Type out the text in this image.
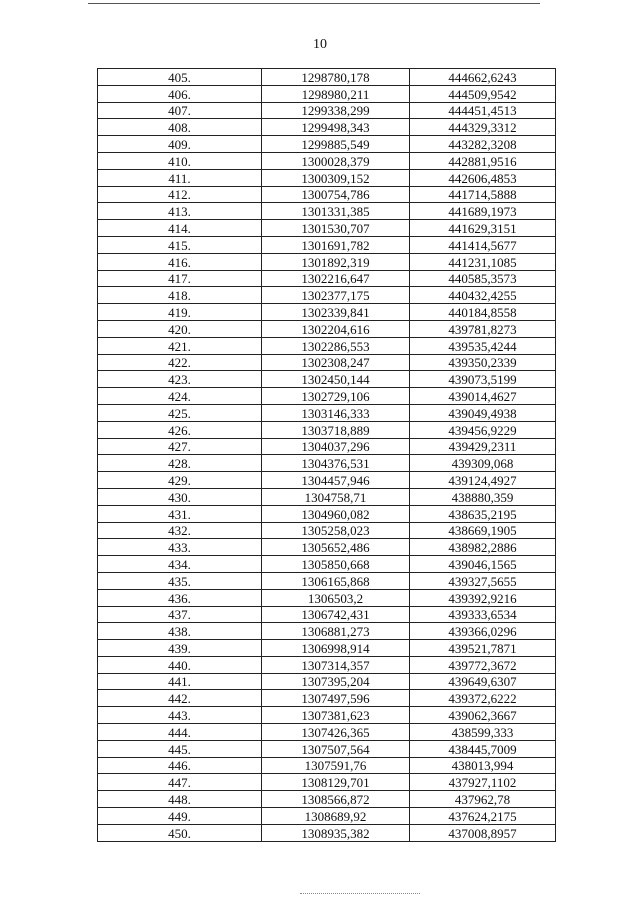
10
405.	1298780,178	444662,6243
406.	1298980,211	444509,9542
407.	1299338,299	444451,4513
408.	1299498,343	444329,3312
409.	1299885,549	443282,3208
410.	1300028,379	442881,9516
411.	1300309,152	442606,4853
412.	1300754,786	441714,5888
413.	1301331,385	441689,1973
414.	1301530,707	441629,3151
415.	1301691,782	441414,5677
416.	1301892,319	441231,1085
417.	1302216,647	440585,3573
418.	1302377,175	440432,4255
419.	1302339,841	440184,8558
420.	1302204,616	439781,8273
421.	1302286,553	439535,4244
422.	1302308,247	439350,2339
423.	1302450,144	439073,5199
424.	1302729,106	439014,4627
425.	1303146,333	439049,4938
426.	1303718,889	439456,9229
427.	1304037,296	439429,2311
428.	1304376,531	439309,068
429.	1304457,946	439124,4927
430.	1304758,71	438880,359
431.	1304960,082	438635,2195
432.	1305258,023	438669,1905
433.	1305652,486	438982,2886
434.	1305850,668	439046,1565
435.	1306165,868	439327,5655
436.	1306503,2	439392,9216
437.	1306742,431	439333,6534
438.	1306881,273	439366,0296
439.	1306998,914	439521,7871
440.	1307314,357	439772,3672
441.	1307395,204	439649,6307
442.	1307497,596	439372,6222
443.	1307381,623	439062,3667
444.	1307426,365	438599,333
445.	1307507,564	438445,7009
446.	1307591,76	438013,994
447.	1308129,701	437927,1102
448.	1308566,872	437962,78
449.	1308689,92	437624,2175
450.	1308935,382	437008,8957
